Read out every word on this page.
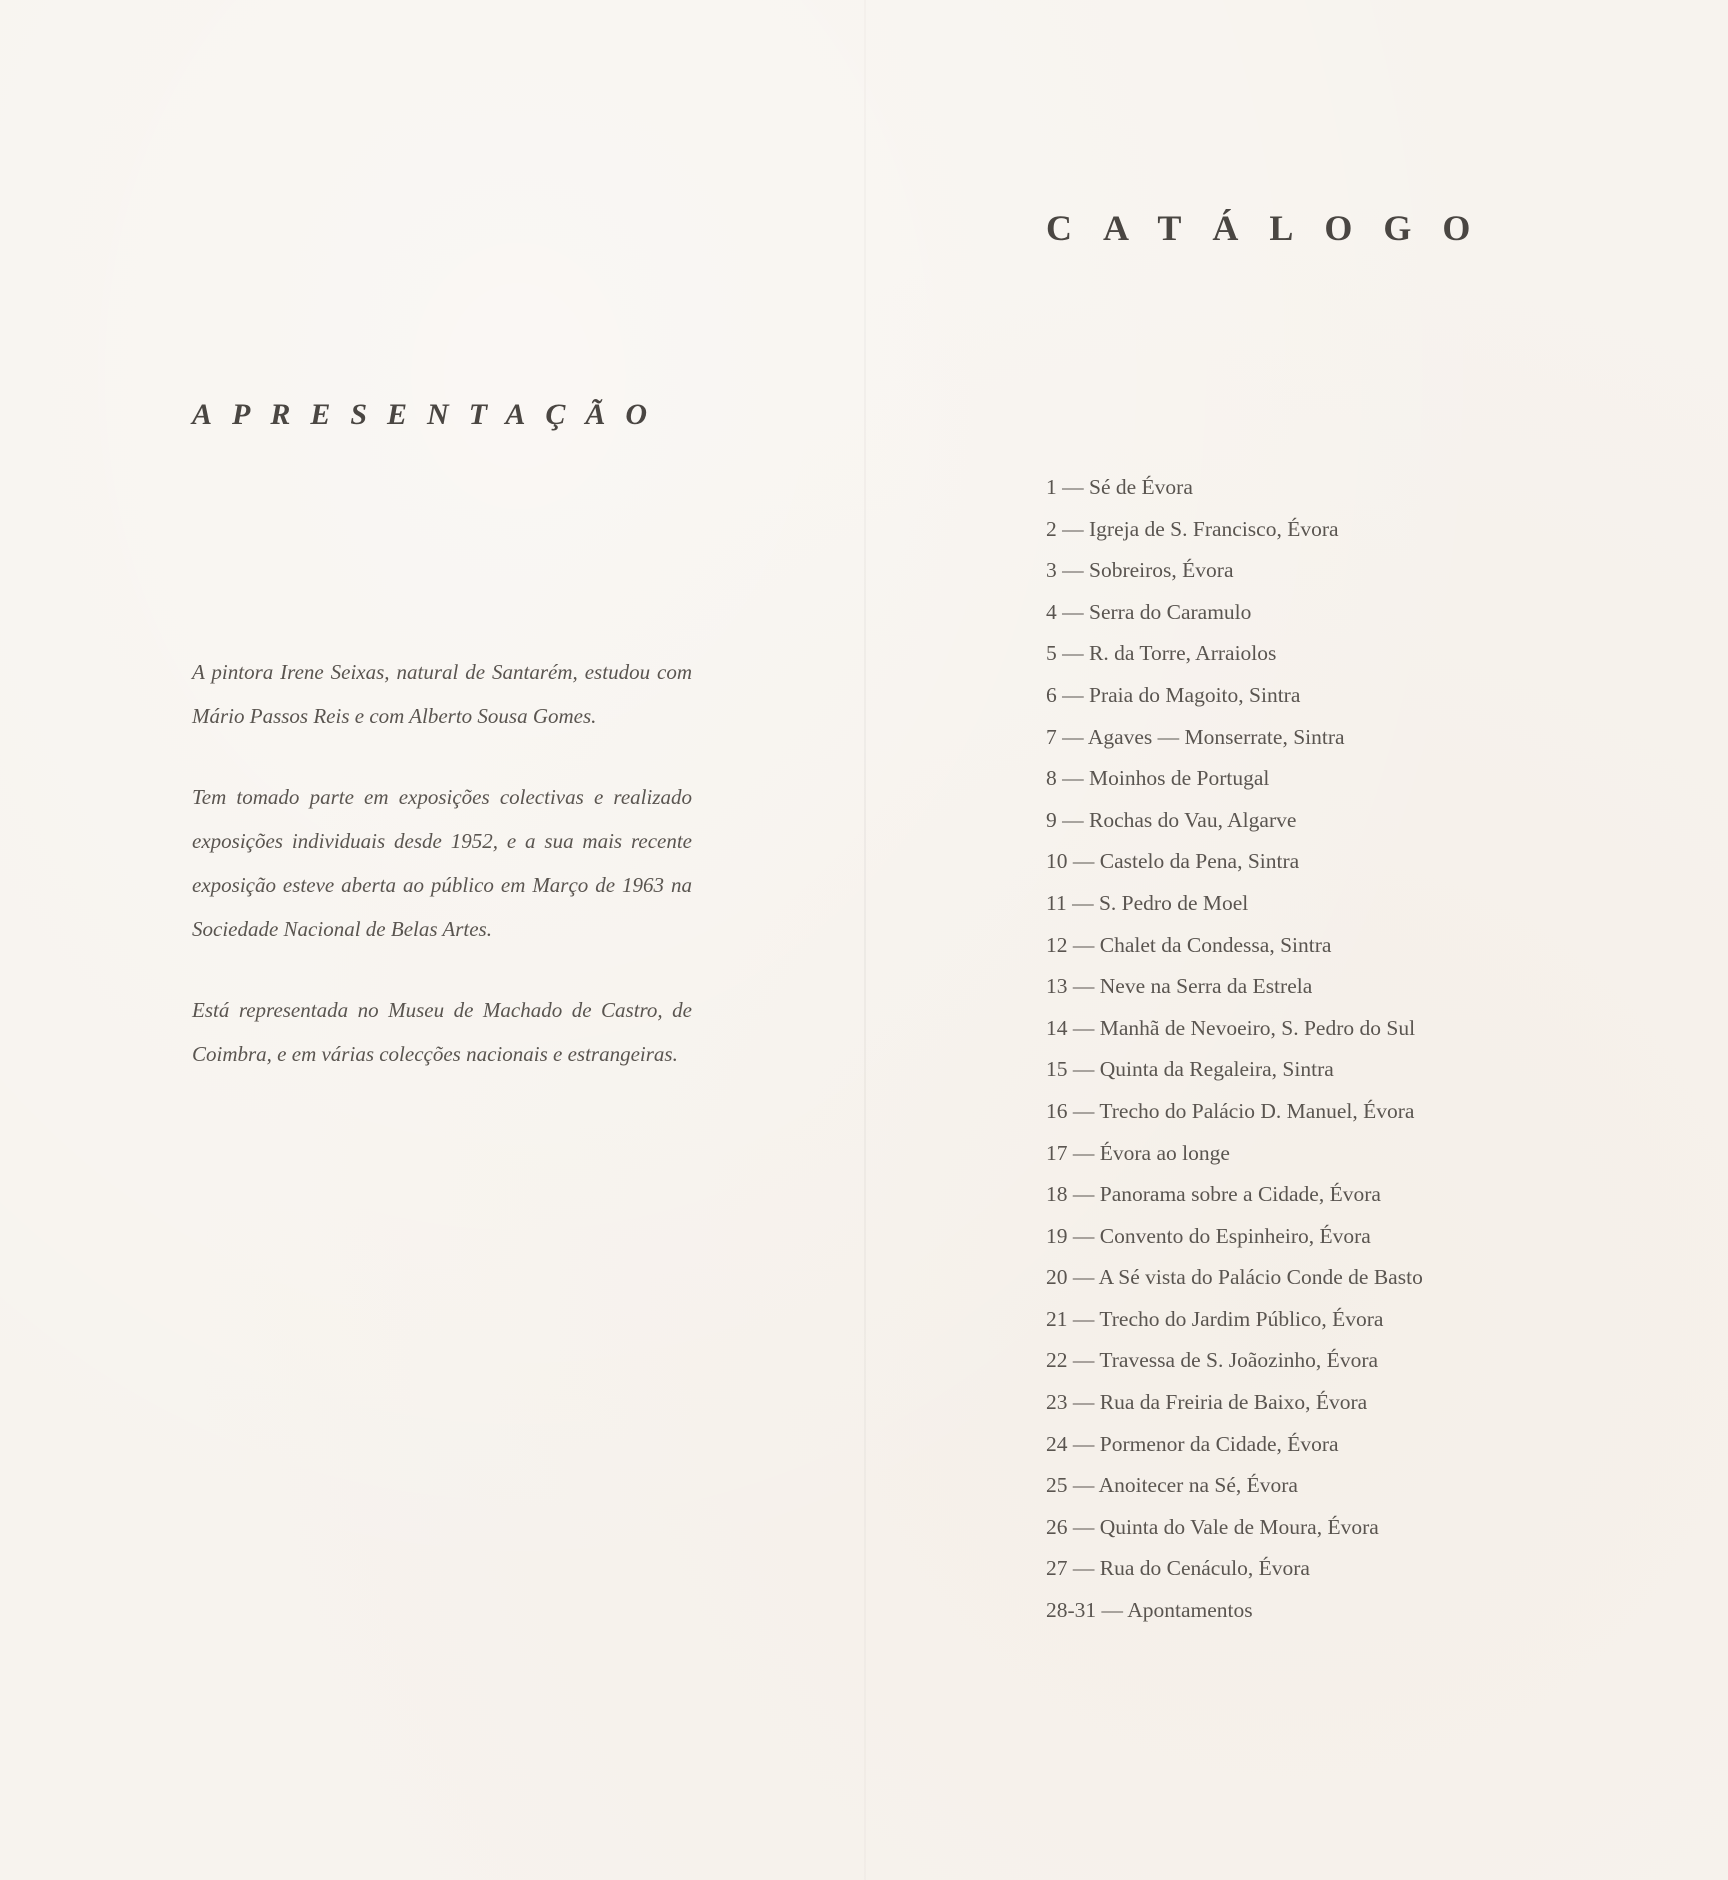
APRESENTAÇÃO

A pintora Irene Seixas, natural de Santarém, estudou com Mário Passos Reis e com Alberto Sousa Gomes.

Tem tomado parte em exposições colectivas e realizado exposições individuais desde 1952, e a sua mais recente exposição esteve aberta ao público em Março de 1963 na Sociedade Nacional de Belas Artes.

Está representada no Museu de Machado de Castro, de Coimbra, e em várias colecções nacionais e estrangeiras.

CATÁLOGO
1 — Sé de Évora
2 — Igreja de S. Francisco, Évora
3 — Sobreiros, Évora
4 — Serra do Caramulo
5 — R. da Torre, Arraiolos
6 — Praia do Magoito, Sintra
7 — Agaves — Monserrate, Sintra
8 — Moinhos de Portugal
9 — Rochas do Vau, Algarve
10 — Castelo da Pena, Sintra
11 — S. Pedro de Moel
12 — Chalet da Condessa, Sintra
13 — Neve na Serra da Estrela
14 — Manhã de Nevoeiro, S. Pedro do Sul
15 — Quinta da Regaleira, Sintra
16 — Trecho do Palácio D. Manuel, Évora
17 — Évora ao longe
18 — Panorama sobre a Cidade, Évora
19 — Convento do Espinheiro, Évora
20 — A Sé vista do Palácio Conde de Basto
21 — Trecho do Jardim Público, Évora
22 — Travessa de S. Joãozinho, Évora
23 — Rua da Freiria de Baixo, Évora
24 — Pormenor da Cidade, Évora
25 — Anoitecer na Sé, Évora
26 — Quinta do Vale de Moura, Évora
27 — Rua do Cenáculo, Évora
28-31 — Apontamentos
